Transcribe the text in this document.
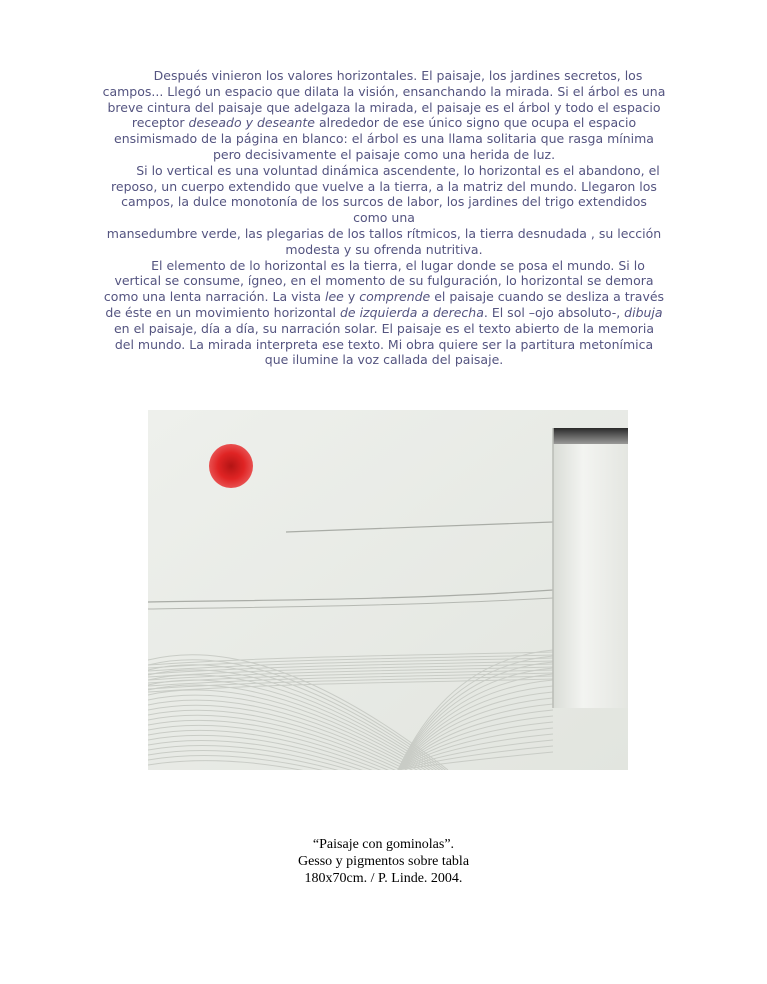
Después vinieron los valores horizontales. El paisaje, los jardines secretos, los
campos... Llegó un espacio que dilata la visión, ensanchando la mirada. Si el árbol es una
breve cintura del paisaje que adelgaza la mirada, el paisaje es el árbol y todo el espacio
receptor deseado y deseante alrededor de ese único signo que ocupa el espacio
ensimismado de la página en blanco: el árbol es una llama solitaria que rasga mínima
pero decisivamente el paisaje como una herida de luz.
Si lo vertical es una voluntad dinámica ascendente, lo horizontal es el abandono, el
reposo, un cuerpo extendido que vuelve a la tierra, a la matriz del mundo. Llegaron los
campos, la dulce monotonía de los surcos de labor, los jardines del trigo extendidos
como una
mansedumbre verde, las plegarias de los tallos rítmicos, la tierra desnudada , su lección
modesta y su ofrenda nutritiva.
El elemento de lo horizontal es la tierra, el lugar donde se posa el mundo. Si lo
vertical se consume, ígneo, en el momento de su fulguración, lo horizontal se demora
como una lenta narración. La vista lee y comprende el paisaje cuando se desliza a través
de éste en un movimiento horizontal de izquierda a derecha. El sol –ojo absoluto-, dibuja
en el paisaje, día a día, su narración solar. El paisaje es el texto abierto de la memoria
del mundo. La mirada interpreta ese texto. Mi obra quiere ser la partitura metonímica
que ilumine la voz callada del paisaje.
“Paisaje con gominolas”.
Gesso y pigmentos sobre tabla
180x70cm. / P. Linde. 2004.
